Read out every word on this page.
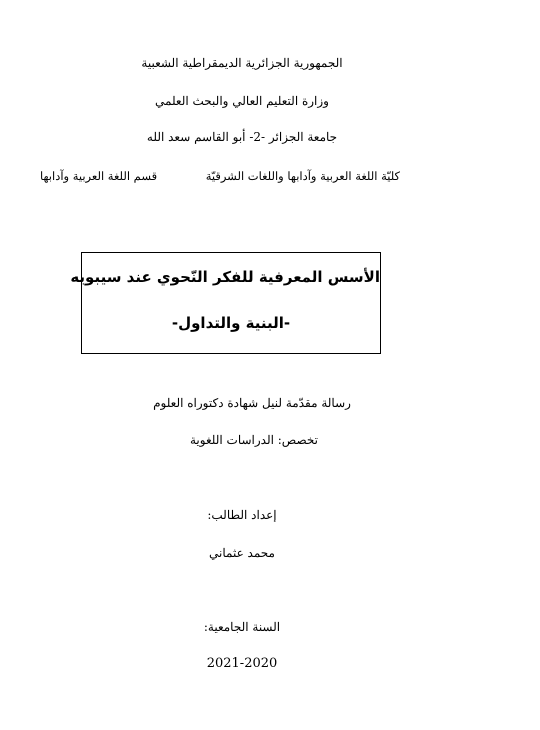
الجمهورية الجزائرية الديمقراطية الشعبية
وزارة التعليم العالي والبحث العلمي
جامعة الجزائر -2- أبو القاسم سعد الله
كليّة اللغة العربية وآدابها واللغات الشرقيّة
قسم اللغة العربية وآدابها
الأسس المعرفية للفكر النّحوي عند سيبويه
-البنية والتداول-
رسالة مقدّمة لنيل شهادة دكتوراه العلوم
تخصص: الدراسات اللغوية
إعداد الطالب:
محمد عثماني
السنة الجامعية:
2021-2020
